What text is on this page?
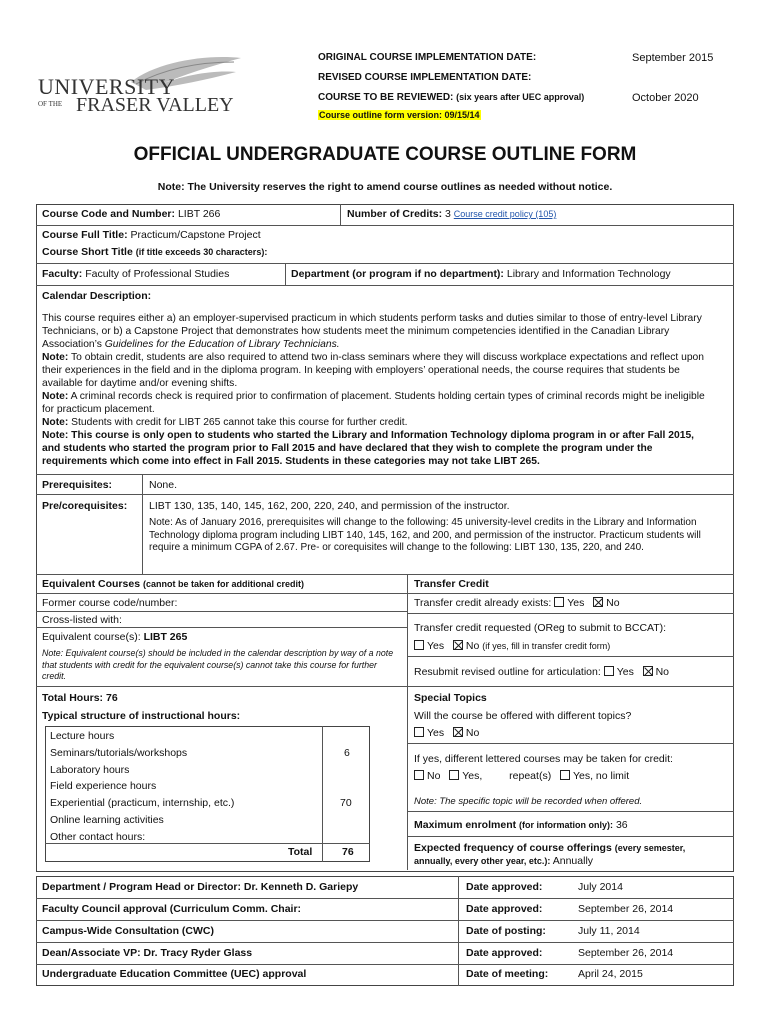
UNIVERSITY
OF THE FRASER VALLEY
ORIGINAL COURSE IMPLEMENTATION DATE:	September 2015
REVISED COURSE IMPLEMENTATION DATE:
COURSE TO BE REVIEWED: (six years after UEC approval)	October 2020
Course outline form version: 09/15/14
OFFICIAL UNDERGRADUATE COURSE OUTLINE FORM
Note: The University reserves the right to amend course outlines as needed without notice.
Course Code and Number: LIBT 266	Number of Credits: 3 Course credit policy (105)
Course Full Title: Practicum/Capstone Project
Course Short Title (if title exceeds 30 characters):
Faculty: Faculty of Professional Studies	Department (or program if no department): Library and Information Technology
Calendar Description:

This course requires either a) an employer-supervised practicum in which students perform tasks and duties similar to those of entry-level Library Technicians, or b) a Capstone Project that demonstrates how students meet the minimum competencies identified in the Canadian Library Association’s Guidelines for the Education of Library Technicians.

Note: To obtain credit, students are also required to attend two in-class seminars where they will discuss workplace expectations and reflect upon their experiences in the field and in the diploma program. In keeping with employers’ operational needs, the course requires that students be available for daytime and/or evening shifts.

Note: A criminal records check is required prior to confirmation of placement. Students holding certain types of criminal records might be ineligible for practicum placement.

Note: Students with credit for LIBT 265 cannot take this course for further credit.

Note: This course is only open to students who started the Library and Information Technology diploma program in or after Fall 2015, and students who started the program prior to Fall 2015 and have declared that they wish to complete the program under the requirements which come into effect in Fall 2015. Students in these categories may not take LIBT 265.

Prerequisites:	None.
Pre/corequisites: LIBT 130, 135, 140, 145, 162, 200, 220, 240, and permission of the instructor.
Note: As of January 2016, prerequisites will change to the following: 45 university-level credits in the Library and Information Technology diploma program including LIBT 140, 145, 162, and 200, and permission of the instructor. Practicum students will require a minimum CGPA of 2.67. Pre- or corequisites will change to the following: LIBT 130, 135, 220, and 240.
Equivalent Courses (cannot be taken for additional credit)
Former course code/number:
Cross-listed with:
Equivalent course(s): LIBT 265
Note: Equivalent course(s) should be included in the calendar description by way of a note that students with credit for the equivalent course(s) cannot take this course for further credit.
Transfer Credit
Transfer credit already exists: Yes No
Transfer credit requested (OReg to submit to BCCAT):
Yes No (if yes, fill in transfer credit form)
Resubmit revised outline for articulation: Yes No
Total Hours: 76
Typical structure of instructional hours:
Lecture hours
Seminars/tutorials/workshops	6
Laboratory hours
Field experience hours
Experiential (practicum, internship, etc.)	70
Online learning activities
Other contact hours:
Total	76
Special Topics
Will the course be offered with different topics?
Yes No
If yes, different lettered courses may be taken for credit:
No Yes,	repeat(s) Yes, no limit
Note: The specific topic will be recorded when offered.
Maximum enrolment (for information only): 36
Expected frequency of course offerings (every semester, annually, every other year, etc.): Annually
Department / Program Head or Director: Dr. Kenneth D. Gariepy	Date approved:	July 2014
Faculty Council approval (Curriculum Comm. Chair:	Date approved:	September 26, 2014
Campus-Wide Consultation (CWC)	Date of posting:	July 11, 2014
Dean/Associate VP: Dr. Tracy Ryder Glass	Date approved:	September 26, 2014
Undergraduate Education Committee (UEC) approval	Date of meeting:	April 24, 2015
